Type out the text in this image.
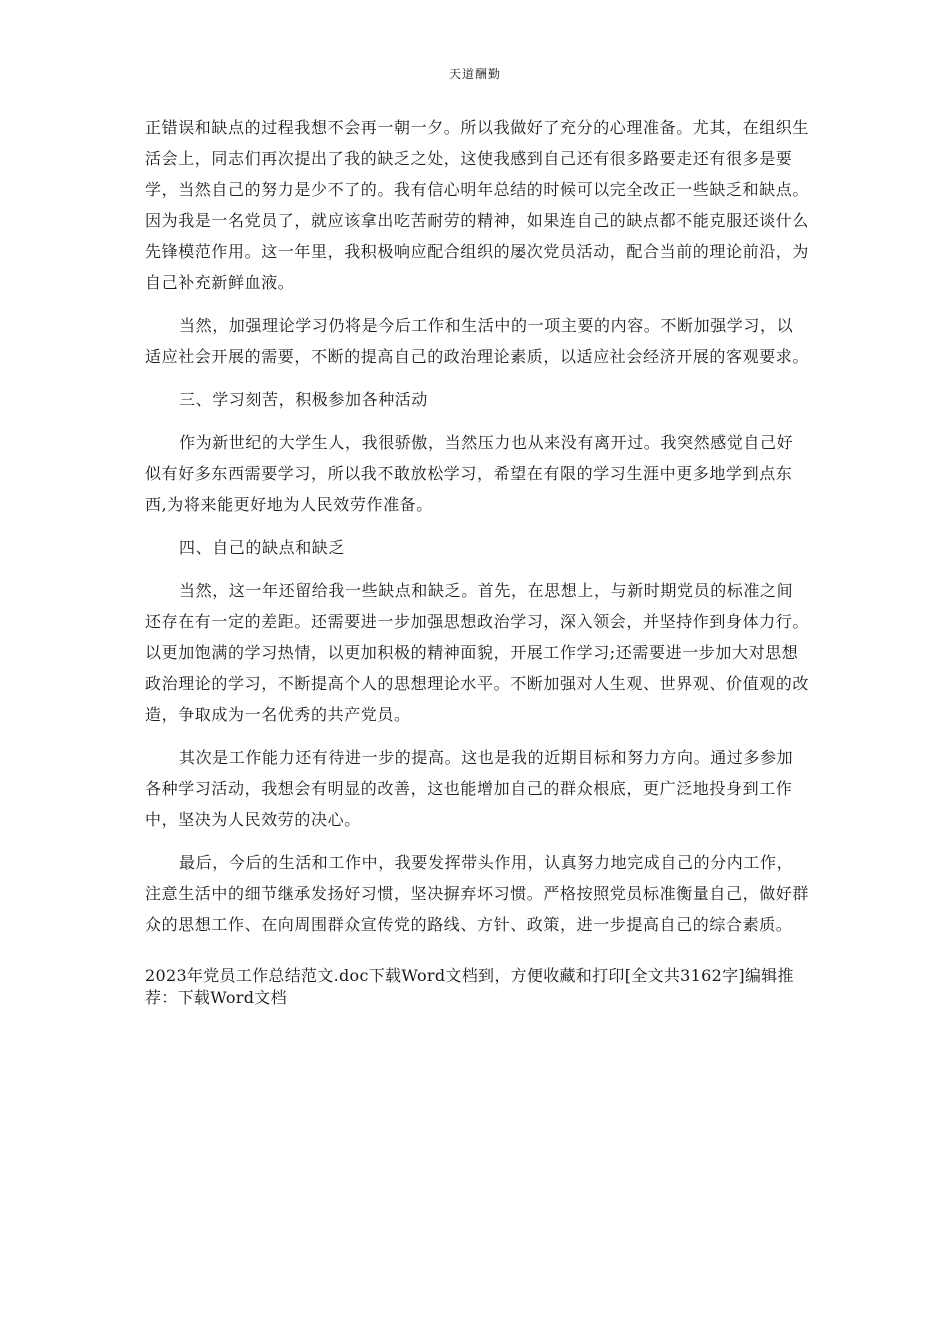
天道酬勤

正错误和缺点的过程我想不会再一朝一夕。所以我做好了充分的心理准备。尤其，在组织生活会上，同志们再次提出了我的缺乏之处，这使我感到自己还有很多路要走还有很多是要学，当然自己的努力是少不了的。我有信心明年总结的时候可以完全改正一些缺乏和缺点。因为我是一名党员了，就应该拿出吃苦耐劳的精神，如果连自己的缺点都不能克服还谈什么先锋模范作用。这一年里，我积极响应配合组织的屡次党员活动，配合当前的理论前沿，为自己补充新鲜血液。

当然，加强理论学习仍将是今后工作和生活中的一项主要的内容。不断加强学习，以适应社会开展的需要，不断的提高自己的政治理论素质，以适应社会经济开展的客观要求。

三、学习刻苦，积极参加各种活动

作为新世纪的大学生人，我很骄傲，当然压力也从来没有离开过。我突然感觉自己好似有好多东西需要学习，所以我不敢放松学习，希望在有限的学习生涯中更多地学到点东西,为将来能更好地为人民效劳作准备。

四、自己的缺点和缺乏

当然，这一年还留给我一些缺点和缺乏。首先，在思想上，与新时期党员的标准之间还存在有一定的差距。还需要进一步加强思想政治学习，深入领会，并坚持作到身体力行。以更加饱满的学习热情，以更加积极的精神面貌，开展工作学习;还需要进一步加大对思想政治理论的学习，不断提高个人的思想理论水平。不断加强对人生观、世界观、价值观的改造，争取成为一名优秀的共产党员。

其次是工作能力还有待进一步的提高。这也是我的近期目标和努力方向。通过多参加各种学习活动，我想会有明显的改善，这也能增加自己的群众根底，更广泛地投身到工作中，坚决为人民效劳的决心。

最后，今后的生活和工作中，我要发挥带头作用，认真努力地完成自己的分内工作，注意生活中的细节继承发扬好习惯，坚决摒弃坏习惯。严格按照党员标准衡量自己，做好群众的思想工作、在向周围群众宣传党的路线、方针、政策，进一步提高自己的综合素质。

2023年党员工作总结范文.doc下载Word文档到，方便收藏和打印[全文共3162字]编辑推荐：下载Word文档
